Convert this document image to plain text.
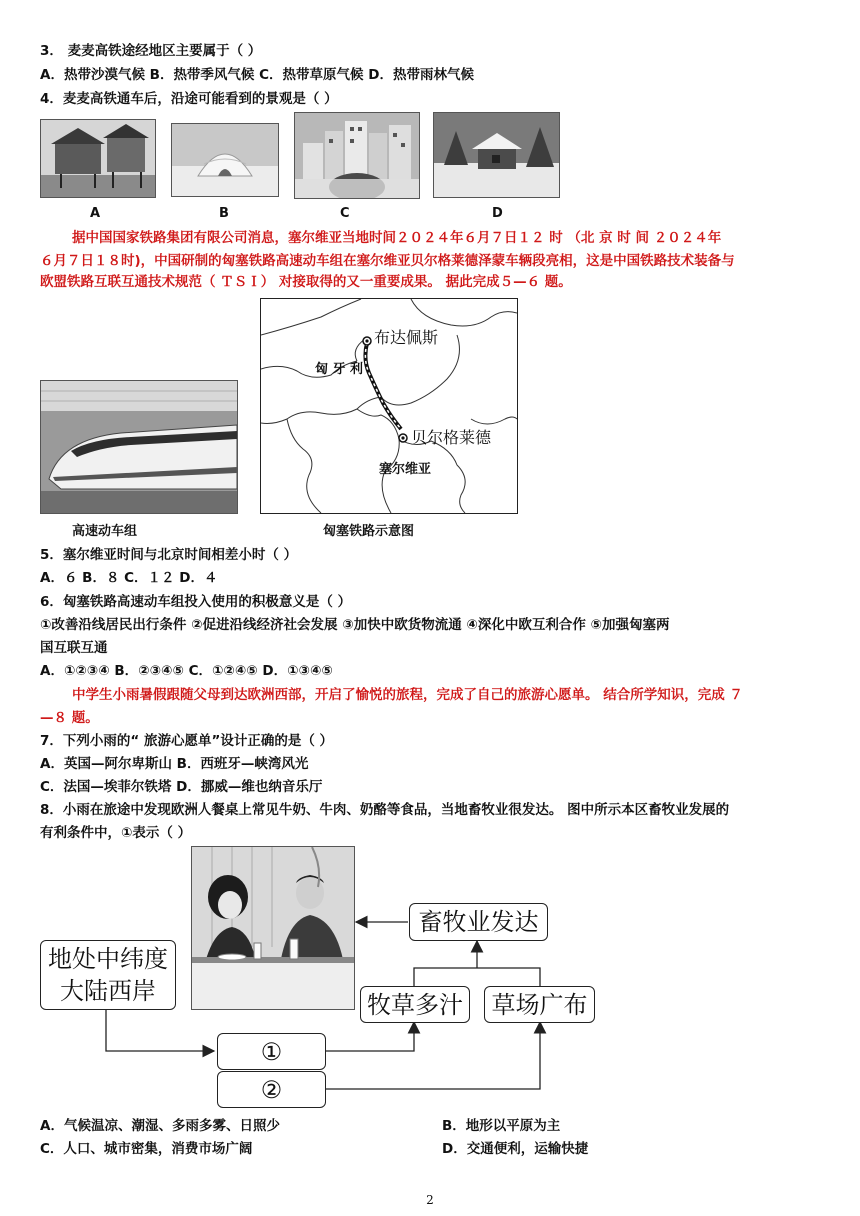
3． 麦麦高铁途经地区主要属于（ ）
A．热带沙漠气候 B．热带季风气候 C．热带草原气候 D．热带雨林气候
4．麦麦高铁通车后，沿途可能看到的景观是（ ）
A	B	C	D
据中国国家铁路集团有限公司消息，塞尔维亚当地时间２０２４年６月７日１２ 时 （北 京 时 间 ２０２４年
６月７日１８时)，中国研制的匈塞铁路高速动车组在塞尔维亚贝尔格莱德泽蒙车辆段亮相，这是中国铁路技术装备与
欧盟铁路互联互通技术规范（ ＴＳＩ） 对接取得的又一重要成果。 据此完成５—６ 题。
布达佩斯
贝尔格莱德
匈 牙 利
塞尔维亚
高速动车组	匈塞铁路示意图
5．塞尔维亚时间与北京时间相差小时（ ）
A．６ B．８ C．１２ D．４
6．匈塞铁路高速动车组投入使用的积极意义是（ ）
①改善沿线居民出行条件 ②促进沿线经济社会发展 ③加快中欧货物流通 ④深化中欧互利合作 ⑤加强匈塞两
国互联互通
A．①②③④ B．②③④⑤ C．①②④⑤ D．①③④⑤
中学生小雨暑假跟随父母到达欧洲西部，开启了愉悦的旅程，完成了自己的旅游心愿单。 结合所学知识，完成 ７
—８ 题。
7．下列小雨的“ 旅游心愿单”设计正确的是（ ）
A．英国—阿尔卑斯山 B．西班牙—峡湾风光
C．法国—埃菲尔铁塔 D．挪威—维也纳音乐厅
8．小雨在旅途中发现欧洲人餐桌上常见牛奶、牛肉、奶酪等食品，当地畜牧业很发达。 图中所示本区畜牧业发展的
有利条件中，①表示（ ）
畜牧业发达
地处中纬度
大陆西岸	牧草多汁	草场广布
①
②
A．气候温凉、潮湿、多雨多雾、日照少	B．地形以平原为主
C．人口、城市密集，消费市场广阔	D．交通便利，运输快捷
2
